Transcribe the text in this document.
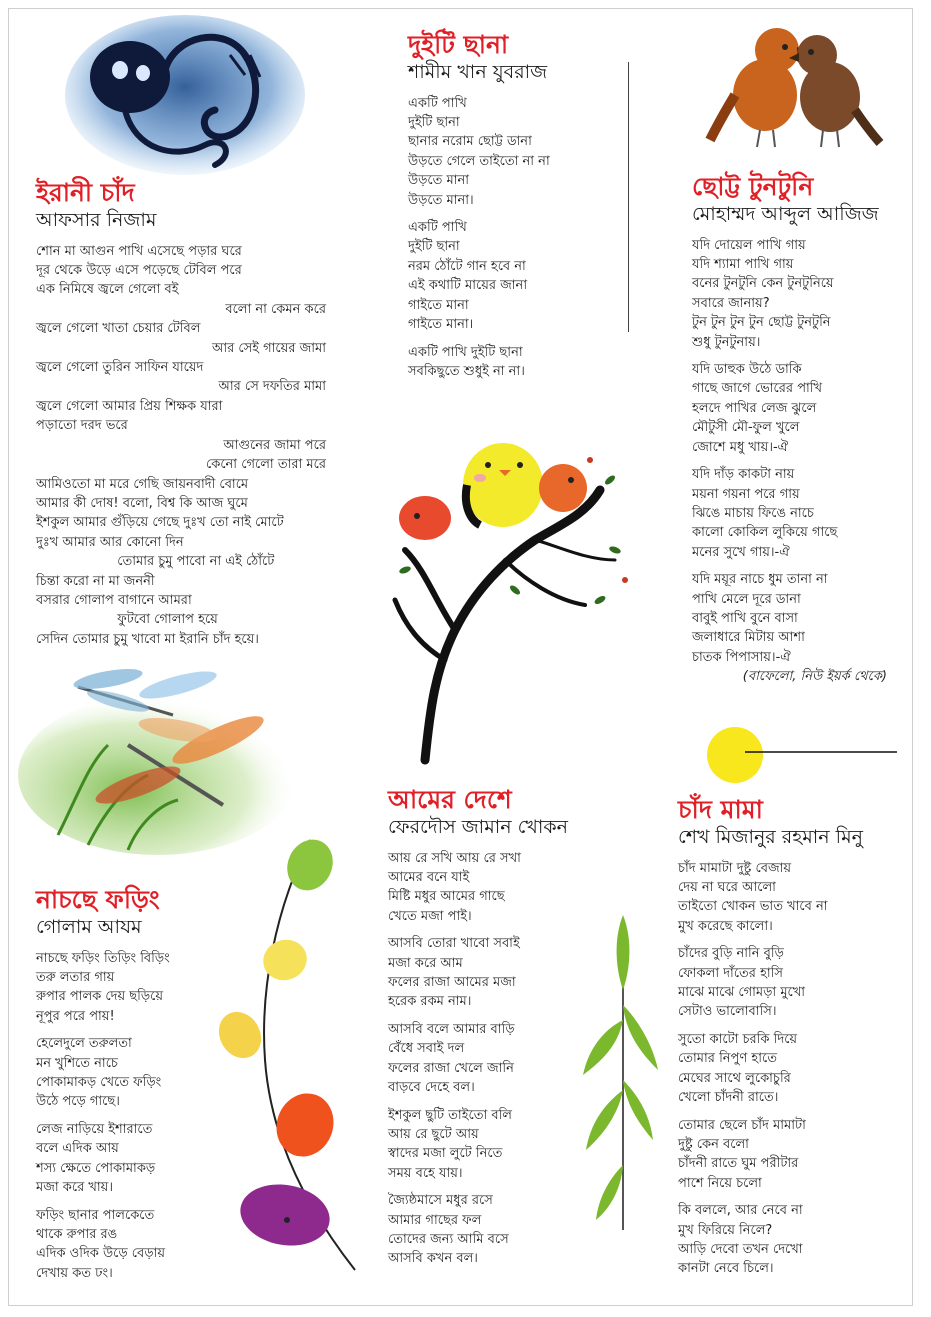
ইরানী চাঁদ
আফসার নিজাম
শোন মা আগুন পাখি এসেছে পড়ার ঘরে
দূর থেকে উড়ে এসে পড়েছে টেবিল পরে
এক নিমিষে জ্বলে গেলো বই
বলো না কেমন করে
জ্বলে গেলো খাতা চেয়ার টেবিল
আর সেই গায়ের জামা
জ্বলে গেলো তুরিন সাফিন যায়েদ
আর সে দফতির মামা
জ্বলে গেলো আমার প্রিয় শিক্ষক যারা
পড়াতো দরদ ভরে
আগুনের জামা পরে
কেনো গেলো তারা মরে
আমিওতো মা মরে গেছি জায়নবাদী বোমে
আমার কী দোষ! বলো, বিশ্ব কি আজ ঘুমে
ইশকুল আমার গুঁড়িয়ে গেছে দুঃখ তো নাই মোটে
দুঃখ আমার আর কোনো দিন
তোমার চুমু পাবো না এই ঠোঁটে
চিন্তা করো না মা জননী
বসরার গোলাপ বাগানে আমরা
ফুটবো গোলাপ হয়ে
সেদিন তোমার চুমু খাবো মা ইরানি চাঁদ হয়ে।
দুইটি ছানা
শামীম খান যুবরাজ
একটি পাখি
দুইটি ছানা
ছানার নরোম ছোট্ট ডানা
উড়তে গেলে তাইতো না না
উড়তে মানা
উড়তে মানা।
একটি পাখি
দুইটি ছানা
নরম ঠোঁটে গান হবে না
এই কথাটি মায়ের জানা
গাইতে মানা
গাইতে মানা।
একটি পাখি দুইটি ছানা
সবকিছুতে শুধুই না না।
ছোট্ট টুনটুনি
মোহাম্মদ আব্দুল আজিজ
যদি দোয়েল পাখি গায়
যদি শ্যামা পাখি গায়
বনের টুনটুনি কেন টুনটুনিয়ে
সবারে জানায়?
টুন টুন টুন টুন ছোট্ট টুনটুনি
শুধু টুনটুনায়।
যদি ডাহুক উঠে ডাকি
গাছে জাগে ভোরের পাখি
হলদে পাখির লেজ ঝুলে
মৌটুসী মৌ-ফুল খুলে
জোশে মধু খায়।-ঐ
যদি দাঁড় কাকটা নায়
ময়না গয়না পরে গায়
ঝিঙে মাচায় ফিঙে নাচে
কালো কোকিল লুকিয়ে গাছে
মনের সুখে গায়।-ঐ
যদি ময়ূর নাচে ধুম তানা না
পাখি মেলে দূরে ডানা
বাবুই পাখি বুনে বাসা
জলাধারে মিটায় আশা
চাতক পিপাসায়।-ঐ
(বাফেলো, নিউ ইয়র্ক থেকে)
নাচছে ফড়িং
গোলাম আযম
নাচছে ফড়িং তিড়িং বিড়িং
তরু লতার গায়
রুপার পালক দেয় ছড়িয়ে
নূপুর পরে পায়!
হেলেদুলে তরুলতা
মন খুশিতে নাচে
পোকামাকড় খেতে ফড়িং
উঠে পড়ে গাছে।
লেজ নাড়িয়ে ইশারাতে
বলে এদিক আয়
শস্য ক্ষেতে পোকামাকড়
মজা করে খায়।
ফড়িং ছানার পালকেতে
থাকে রুপার রঙ
এদিক ওদিক উড়ে বেড়ায়
দেখায় কত ঢং।
আমের দেশে
ফেরদৌস জামান খোকন
আয় রে সখি আয় রে সখা
আমের বনে যাই
মিষ্টি মধুর আমের গাছে
খেতে মজা পাই।
আসবি তোরা খাবো সবাই
মজা করে আম
ফলের রাজা আমের মজা
হরেক রকম নাম।
আসবি বলে আমার বাড়ি
বেঁধে সবাই দল
ফলের রাজা খেলে জানি
বাড়বে দেহে বল।
ইশকুল ছুটি তাইতো বলি
আয় রে ছুটে আয়
স্বাদের মজা লুটে নিতে
সময় বহে যায়।
জ্যৈষ্ঠমাসে মধুর রসে
আমার গাছের ফল
তোদের জন্য আমি বসে
আসবি কখন বল।
চাঁদ মামা
শেখ মিজানুর রহমান মিনু
চাঁদ মামাটা দুষ্টু বেজায়
দেয় না ঘরে আলো
তাইতো খোকন ভাত খাবে না
মুখ করেছে কালো।
চাঁদের বুড়ি নানি বুড়ি
ফোকলা দাঁতের হাসি
মাঝে মাঝে গোমড়া মুখো
সেটাও ভালোবাসি।
সুতো কাটো চরকি দিয়ে
তোমার নিপুণ হাতে
মেঘের সাথে লুকোচুরি
খেলো চাঁদনী রাতে।
তোমার ছেলে চাঁদ মামাটা
দুষ্টু কেন বলো
চাঁদনী রাতে ঘুম পরীটার
পাশে নিয়ে চলো
কি বললে, আর নেবে না
মুখ ফিরিয়ে নিলে?
আড়ি দেবো তখন দেখো
কানটা নেবে চিলে।
